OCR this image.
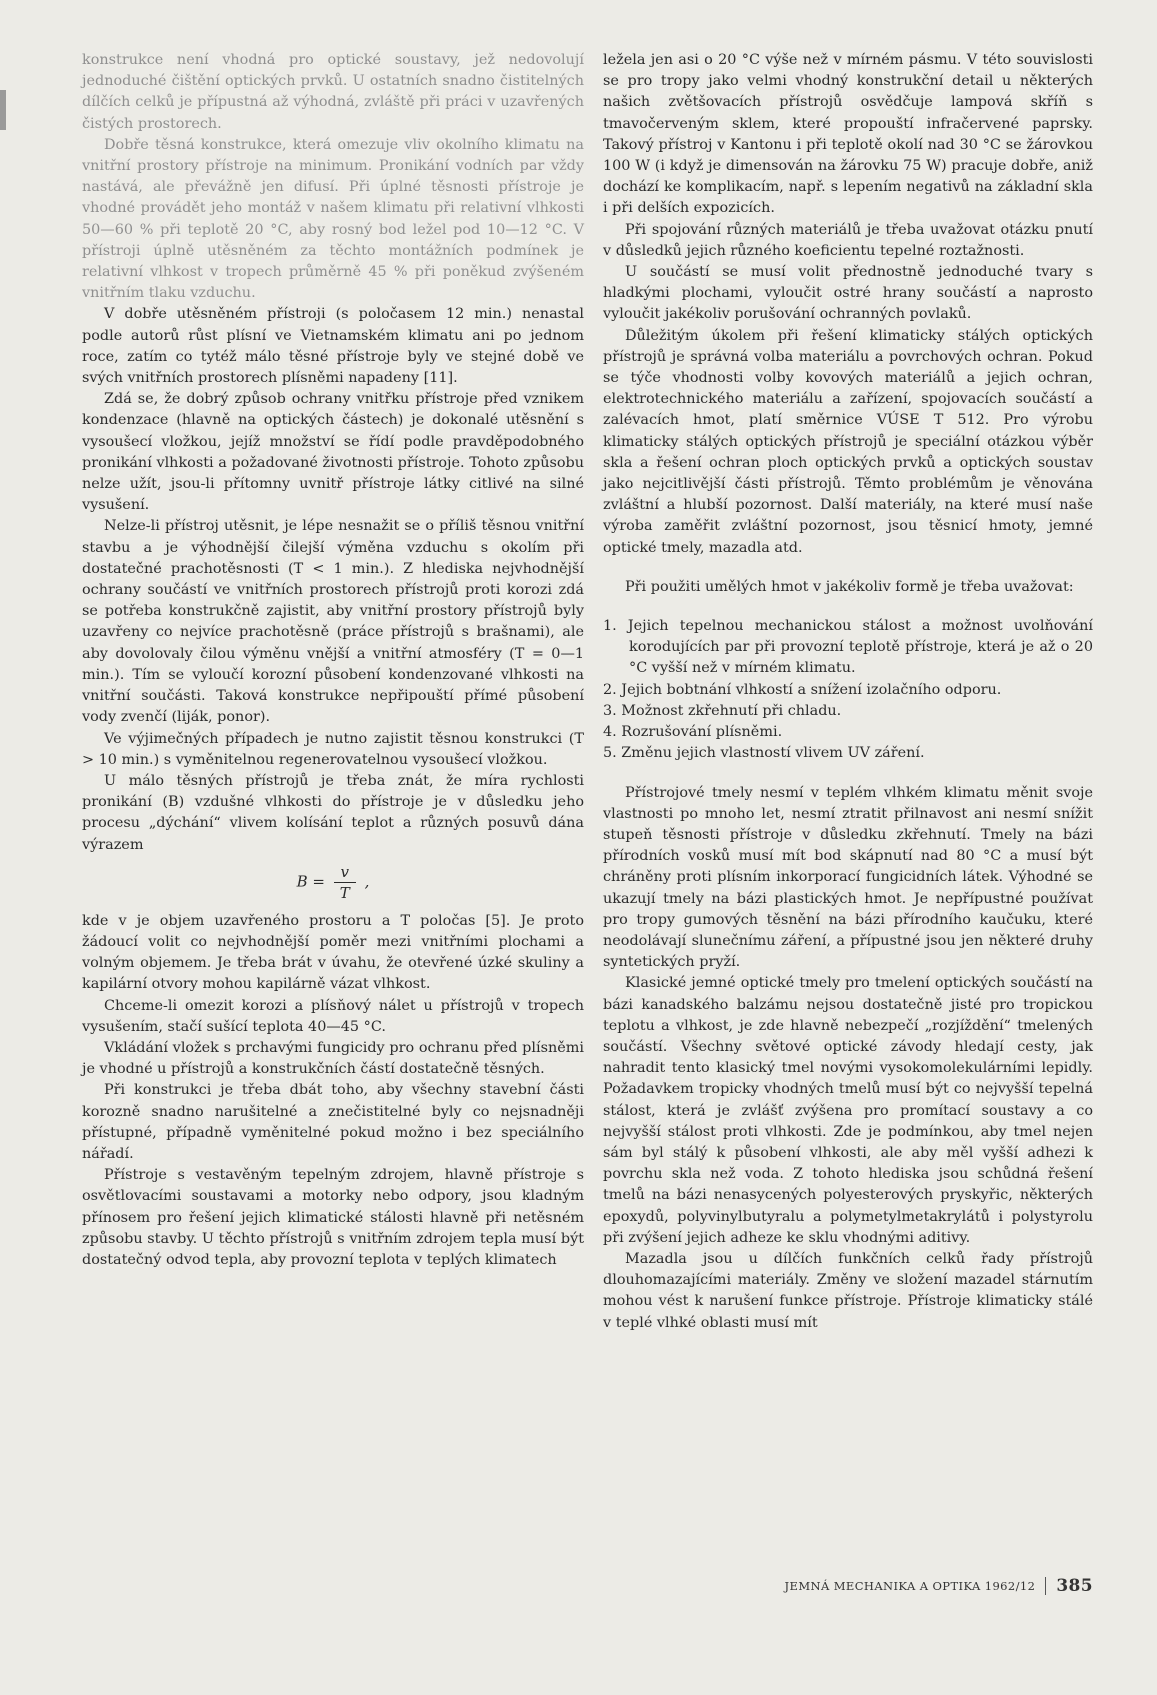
konstrukce není vhodná pro optické soustavy, jež nedovolují jednoduché čištění optických prvků. U ostatních snadno čistitelných dílčích celků je přípustná až výhodná, zvláště při práci v uzavřených čistých prostorech.

Dobře těsná konstrukce, která omezuje vliv okolního klimatu na vnitřní prostory přístroje na minimum. Pronikání vodních par vždy nastává, ale převážně jen difusí. Při úplné těsnosti přístroje je vhodné provádět jeho montáž v našem klimatu při relativní vlhkosti 50—60 % při teplotě 20 °C, aby rosný bod ležel pod 10—12 °C. V přístroji úplně utěsněném za těchto montážních podmínek je relativní vlhkost v tropech průměrně 45 % při poněkud zvýšeném vnitřním tlaku vzduchu.

V dobře utěsněném přístroji (s poločasem 12 min.) nenastal podle autorů růst plísní ve Vietnamském klimatu ani po jednom roce, zatím co tytéž málo těsné přístroje byly ve stejné době ve svých vnitřních prostorech plísněmi napadeny [11].

Zdá se, že dobrý způsob ochrany vnitřku přístroje před vznikem kondenzace (hlavně na optických částech) je dokonalé utěsnění s vysoušecí vložkou, jejíž množství se řídí podle pravděpodobného pronikání vlhkosti a požadované životnosti přístroje. Tohoto způsobu nelze užít, jsou-li přítomny uvnitř přístroje látky citlivé na silné vysušení.

Nelze-li přístroj utěsnit, je lépe nesnažit se o příliš těsnou vnitřní stavbu a je výhodnější čilejší výměna vzduchu s okolím při dostatečné prachotěsnosti (T < 1 min.). Z hlediska nejvhodnější ochrany součástí ve vnitřních prostorech přístrojů proti korozi zdá se potřeba konstrukčně zajistit, aby vnitřní prostory přístrojů byly uzavřeny co nejvíce prachotěsně (práce přístrojů s brašnami), ale aby dovolovaly čilou výměnu vnější a vnitřní atmosféry (T = 0—1 min.). Tím se vyloučí korozní působení kondenzované vlhkosti na vnitřní součásti. Taková konstrukce nepřipouští přímé působení vody zvenčí (liják, ponor).

Ve výjimečných případech je nutno zajistit těsnou konstrukci (T > 10 min.) s vyměnitelnou regenerovatelnou vysoušecí vložkou.

U málo těsných přístrojů je třeba znát, že míra rychlosti pronikání (B) vzdušné vlhkosti do přístroje je v důsledku jeho procesu „dýchání“ vlivem kolísání teplot a různých posuvů dána výrazem

$B = \frac{v}{T}$ ,

kde v je objem uzavřeného prostoru a T poločas [5]. Je proto žádoucí volit co nejvhodnější poměr mezi vnitřními plochami a volným objemem. Je třeba brát v úvahu, že otevřené úzké skuliny a kapilární otvory mohou kapilárně vázat vlhkost.

Chceme-li omezit korozi a plísňový nálet u přístrojů v tropech vysušením, stačí sušící teplota 40—45 °C.

Vkládání vložek s prchavými fungicidy pro ochranu před plísněmi je vhodné u přístrojů a konstrukčních částí dostatečně těsných.

Při konstrukci je třeba dbát toho, aby všechny stavební části korozně snadno narušitelné a znečistitelné byly co nejsnadněji přístupné, případně vyměnitelné pokud možno i bez speciálního nářadí.

Přístroje s vestavěným tepelným zdrojem, hlavně přístroje s osvětlovacími soustavami a motorky nebo odpory, jsou kladným přínosem pro řešení jejich klimatické stálosti hlavně při netěsném způsobu stavby. U těchto přístrojů s vnitřním zdrojem tepla musí být dostatečný odvod tepla, aby provozní teplota v teplých klimatech

ležela jen asi o 20 °C výše než v mírném pásmu. V této souvislosti se pro tropy jako velmi vhodný konstrukční detail u některých našich zvětšovacích přístrojů osvědčuje lampová skříň s tmavočerveným sklem, které propouští infračervené paprsky. Takový přístroj v Kantonu i při teplotě okolí nad 30 °C se žárovkou 100 W (i když je dimensován na žárovku 75 W) pracuje dobře, aniž dochází ke komplikacím, např. s lepením negativů na základní skla i při delších expozicích.

Při spojování různých materiálů je třeba uvažovat otázku pnutí v důsledků jejich různého koeficientu tepelné roztažnosti.

U součástí se musí volit přednostně jednoduché tvary s hladkými plochami, vyloučit ostré hrany součástí a naprosto vyloučit jakékoliv porušování ochranných povlaků.

Důležitým úkolem při řešení klimaticky stálých optických přístrojů je správná volba materiálu a povrchových ochran. Pokud se týče vhodnosti volby kovových materiálů a jejich ochran, elektrotechnického materiálu a zařízení, spojovacích součástí a zalévacích hmot, platí směrnice VÚSE T 512. Pro výrobu klimaticky stálých optických přístrojů je speciální otázkou výběr skla a řešení ochran ploch optických prvků a optických soustav jako nejcitlivější části přístrojů. Těmto problémům je věnována zvláštní a hlubší pozornost. Další materiály, na které musí naše výroba zaměřit zvláštní pozornost, jsou těsnicí hmoty, jemné optické tmely, mazadla atd.

Při použiti umělých hmot v jakékoliv formě je třeba uvažovat:

1. Jejich tepelnou mechanickou stálost a možnost uvolňování korodujících par při provozní teplotě přístroje, která je až o 20 °C vyšší než v mírném klimatu.
2. Jejich bobtnání vlhkostí a snížení izolačního odporu.
3. Možnost zkřehnutí při chladu.
4. Rozrušování plísněmi.
5. Změnu jejich vlastností vlivem UV záření.

Přístrojové tmely nesmí v teplém vlhkém klimatu měnit svoje vlastnosti po mnoho let, nesmí ztratit přilnavost ani nesmí snížit stupeň těsnosti přístroje v důsledku zkřehnutí. Tmely na bázi přírodních vosků musí mít bod skápnutí nad 80 °C a musí být chráněny proti plísním inkorporací fungicidních látek. Výhodné se ukazují tmely na bázi plastických hmot. Je nepřípustné používat pro tropy gumových těsnění na bázi přírodního kaučuku, které neodolávají slunečnímu záření, a přípustné jsou jen některé druhy syntetických pryží.

Klasické jemné optické tmely pro tmelení optických součástí na bázi kanadského balzámu nejsou dostatečně jisté pro tropickou teplotu a vlhkost, je zde hlavně nebezpečí „rozjíždění“ tmelených součástí. Všechny světové optické závody hledají cesty, jak nahradit tento klasický tmel novými vysokomolekulárními lepidly. Požadavkem tropicky vhodných tmelů musí být co nejvyšší tepelná stálost, která je zvlášť zvýšena pro promítací soustavy a co nejvyšší stálost proti vlhkosti. Zde je podmínkou, aby tmel nejen sám byl stálý k působení vlhkosti, ale aby měl vyšší adhezi k povrchu skla než voda. Z tohoto hlediska jsou schůdná řešení tmelů na bázi nenasycených polyesterových pryskyřic, některých epoxydů, polyvinylbutyralu a polymetylmetakrylátů i polystyrolu při zvýšení jejich adheze ke sklu vhodnými aditivy.

Mazadla jsou u dílčích funkčních celků řady přístrojů dlouhomazajícími materiály. Změny ve složení mazadel stárnutím mohou vést k narušení funkce přístroje. Přístroje klimaticky stálé v teplé vlhké oblasti musí mít

JEMNÁ MECHANIKA A OPTIKA 1962/12 385
